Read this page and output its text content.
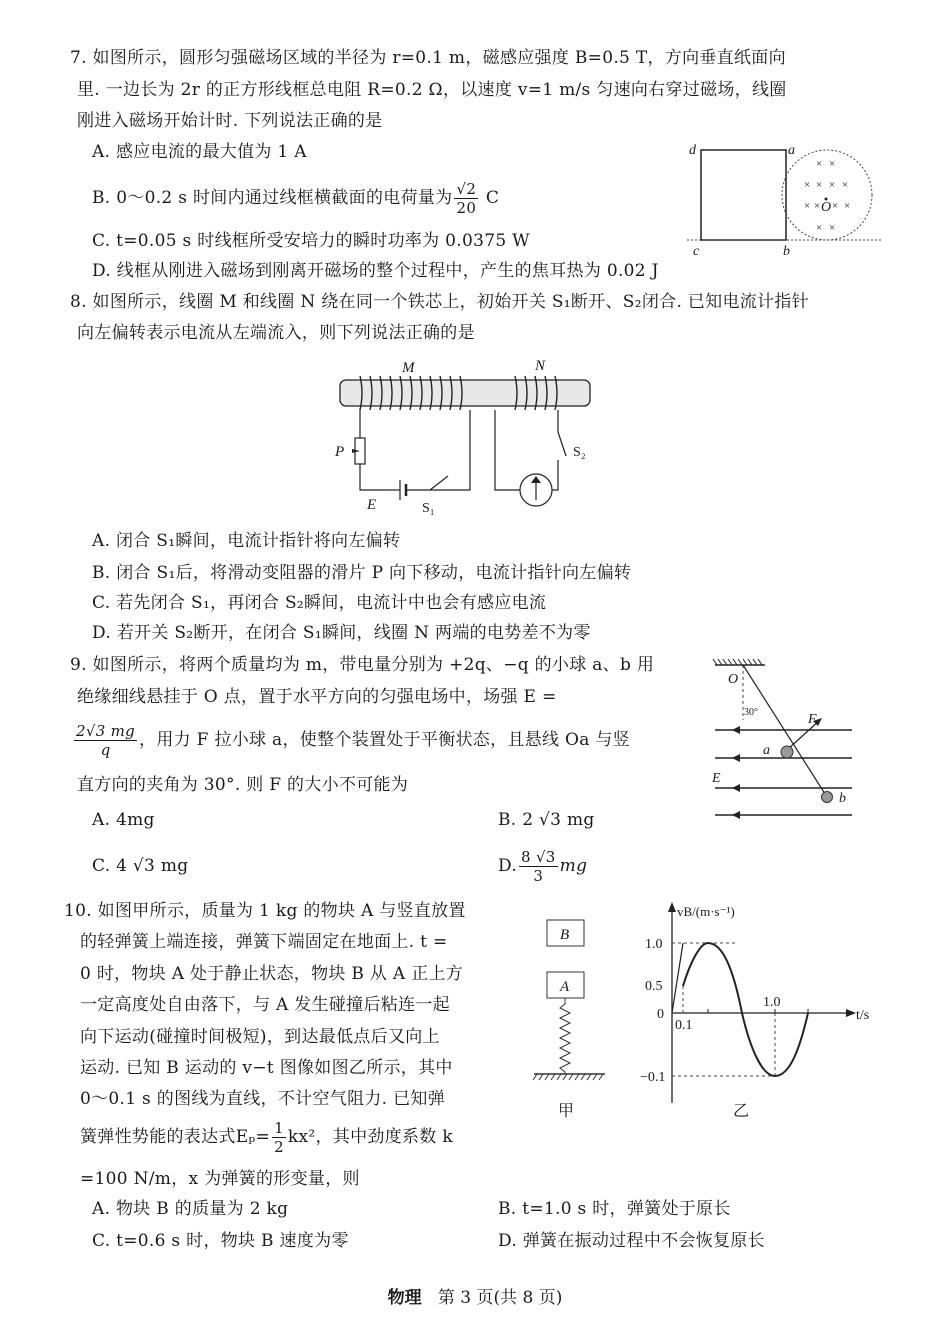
7. 如图所示，圆形匀强磁场区域的半径为 r=0.1 m，磁感应强度 B=0.5 T，方向垂直纸面向
里. 一边长为 2r 的正方形线框总电阻 R=0.2 Ω，以速度 v=1 m/s 匀速向右穿过磁场，线圈
刚进入磁场开始计时. 下列说法正确的是
A. 感应电流的最大值为 1 A
B. 0～0.2 s 时间内通过线框横截面的电荷量为 $\frac{√2}{20}$ C
C. t=0.05 s 时线框所受安培力的瞬时功率为 0.0375 W
D. 线框从刚进入磁场到刚离开磁场的整个过程中，产生的焦耳热为 0.02 J
d	a
c	b
× ×
× × × ×
× × × ×
× ×
O
8. 如图所示，线圈 M 和线圈 N 绕在同一个铁芯上，初始开关 S₁断开、S₂闭合. 已知电流计指针
向左偏转表示电流从左端流入，则下列说法正确的是
M	N
P
E	S₁
S₂
A. 闭合 S₁瞬间，电流计指针将向左偏转
B. 闭合 S₁后，将滑动变阻器的滑片 P 向下移动，电流计指针向左偏转
C. 若先闭合 S₁，再闭合 S₂瞬间，电流计中也会有感应电流
D. 若开关 S₂断开，在闭合 S₁瞬间，线圈 N 两端的电势差不为零
9. 如图所示，将两个质量均为 m，带电量分别为 +2q、−q 的小球 a、b 用
绝缘细线悬挂于 O 点，置于水平方向的匀强电场中，场强 E =
$\frac{2√3 mg}{q}$ ，用力 F 拉小球 a，使整个装置处于平衡状态，且悬线 Oa 与竖
直方向的夹角为 30°. 则 F 的大小不可能为
A. 4mg	B. 2 √3 mg
C. 4 √3 mg	D. $\frac{8 √3}{3}$ mg
O
30°	F
a
E
b
10. 如图甲所示，质量为 1 kg 的物块 A 与竖直放置
的轻弹簧上端连接，弹簧下端固定在地面上. t =
0 时，物块 A 处于静止状态，物块 B 从 A 正上方
一定高度处自由落下，与 A 发生碰撞后粘连一起
向下运动(碰撞时间极短)，到达最低点后又向上
运动. 已知 B 运动的 v−t 图像如图乙所示，其中
0～0.1 s 的图线为直线，不计空气阻力. 已知弹
簧弹性势能的表达式$E_p= \frac{1}{2} kx^2$，其中劲度系数 k
=100 N/m，x 为弹簧的形变量，则
A. 物块 B 的质量为 2 kg	B. t=1.0 s 时，弹簧处于原长
C. t=0.6 s 时，物块 B 速度为零	D. 弹簧在振动过程中不会恢复原长
B
A
甲
vB/(m·s⁻¹)
t/s
1.0
0.5
0
−0.1
0.1
1.0
乙
物理 第 3 页(共 8 页)
